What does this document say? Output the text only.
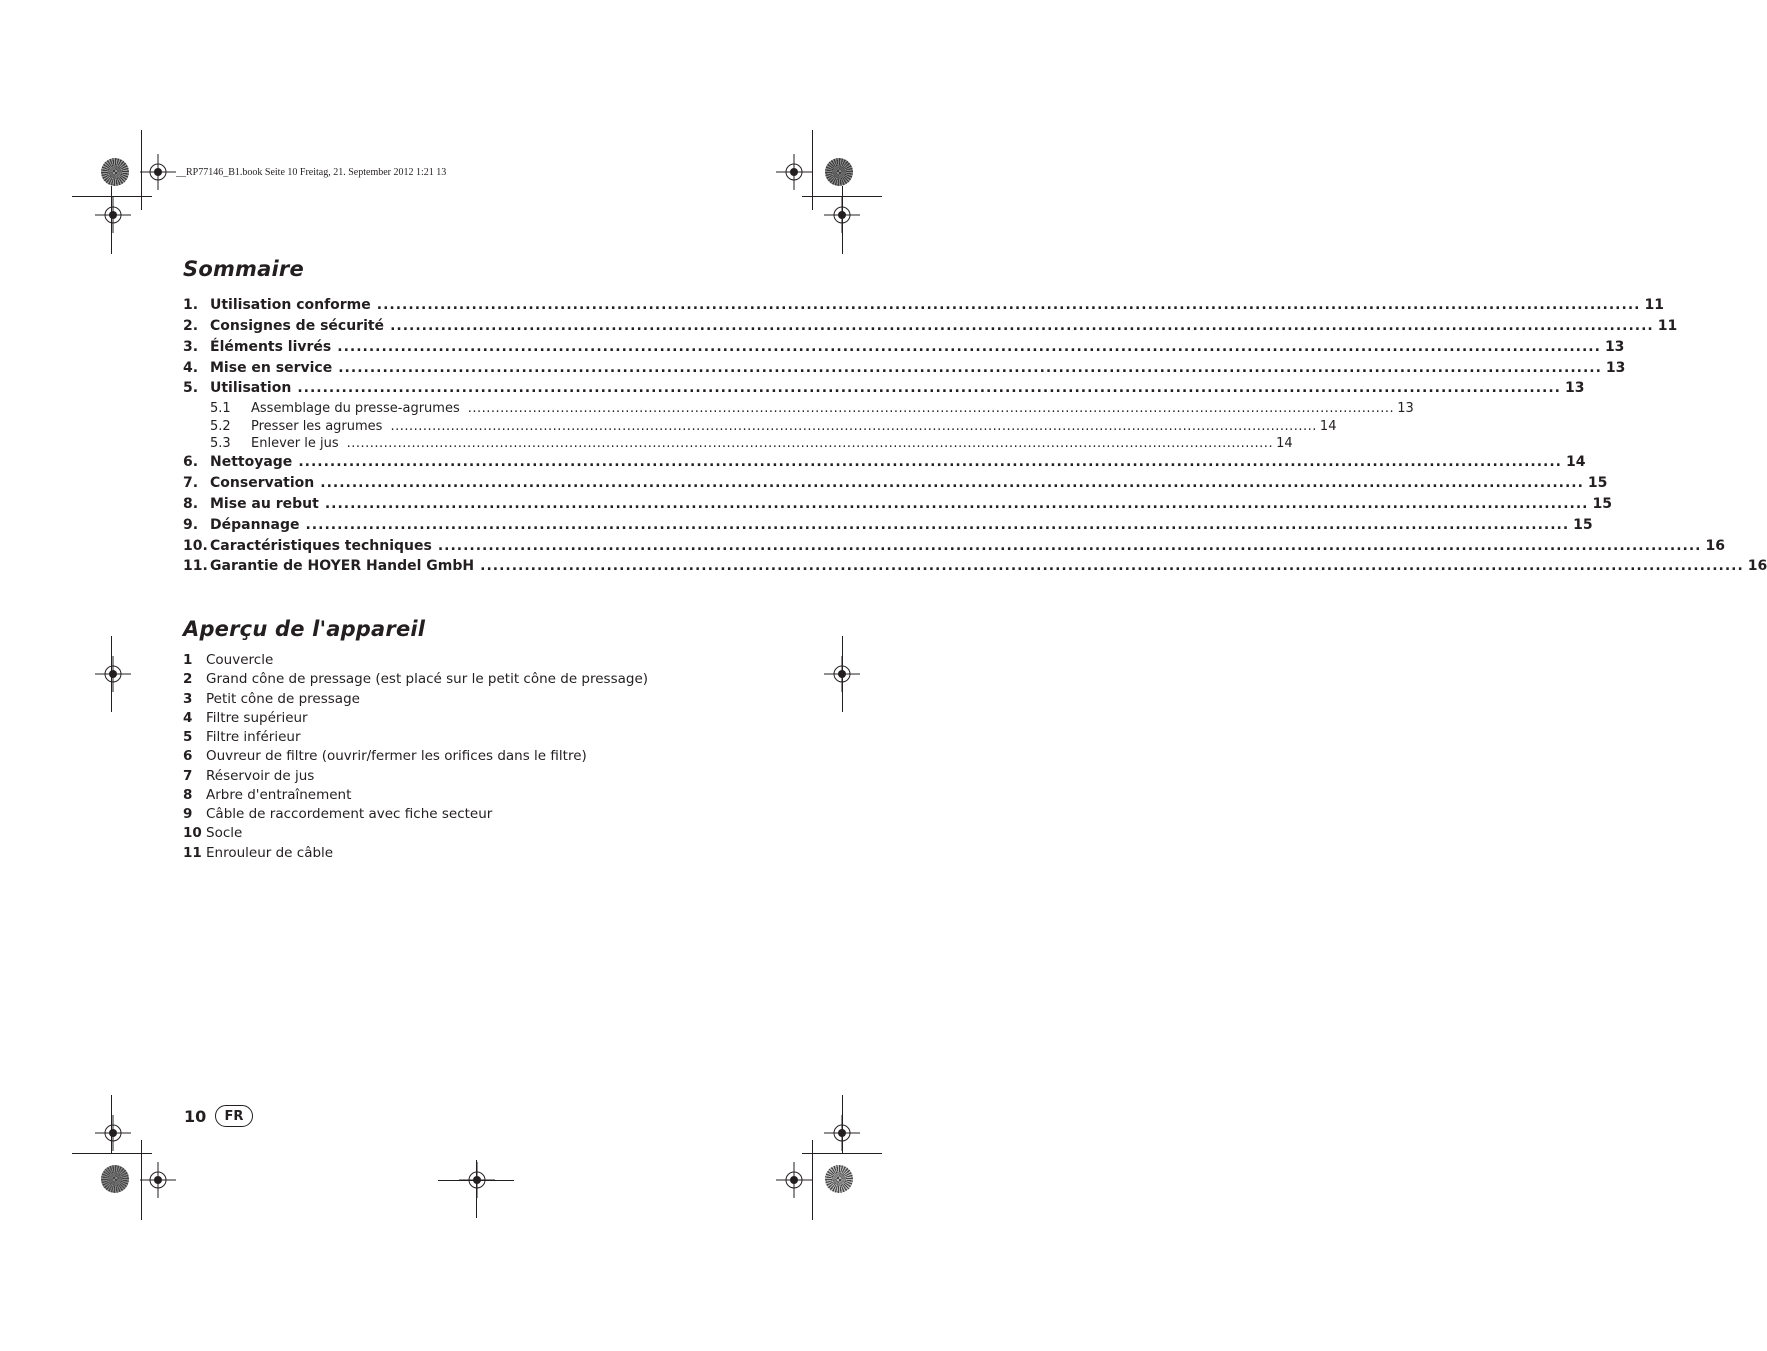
__RP77146_B1.book Seite 10 Freitag, 21. September 2012 1:21 13
Sommaire
1. Utilisation conforme ........................................................................................................................................................................................................ 11
2. Consignes de sécurité ........................................................................................................................................................................................................ 11
3. Éléments livrés ........................................................................................................................................................................................................ 13
4. Mise en service ........................................................................................................................................................................................................ 13
5. Utilisation ........................................................................................................................................................................................................ 13
6. Nettoyage ........................................................................................................................................................................................................ 14
7. Conservation ........................................................................................................................................................................................................ 15
8. Mise au rebut ........................................................................................................................................................................................................ 15
9. Dépannage ........................................................................................................................................................................................................ 15
10. Caractéristiques techniques ........................................................................................................................................................................................................ 16
11. Garantie de HOYER Handel GmbH ........................................................................................................................................................................................................ 16
5.1	Assemblage du presse-agrumes ........................................................................................................................................................................................................ 13
5.2	Presser les agrumes ........................................................................................................................................................................................................ 14
5.3	Enlever le jus ........................................................................................................................................................................................................ 14
Aperçu de l'appareil
1	Couvercle
2	Grand cône de pressage (est placé sur le petit cône de pressage)
3	Petit cône de pressage
4	Filtre supérieur
5	Filtre inférieur
6	Ouvreur de filtre (ouvrir/fermer les orifices dans le filtre)
7	Réservoir de jus
8	Arbre d'entraînement
9	Câble de raccordement avec fiche secteur
10 Socle
11 Enrouleur de câble
10	FR
